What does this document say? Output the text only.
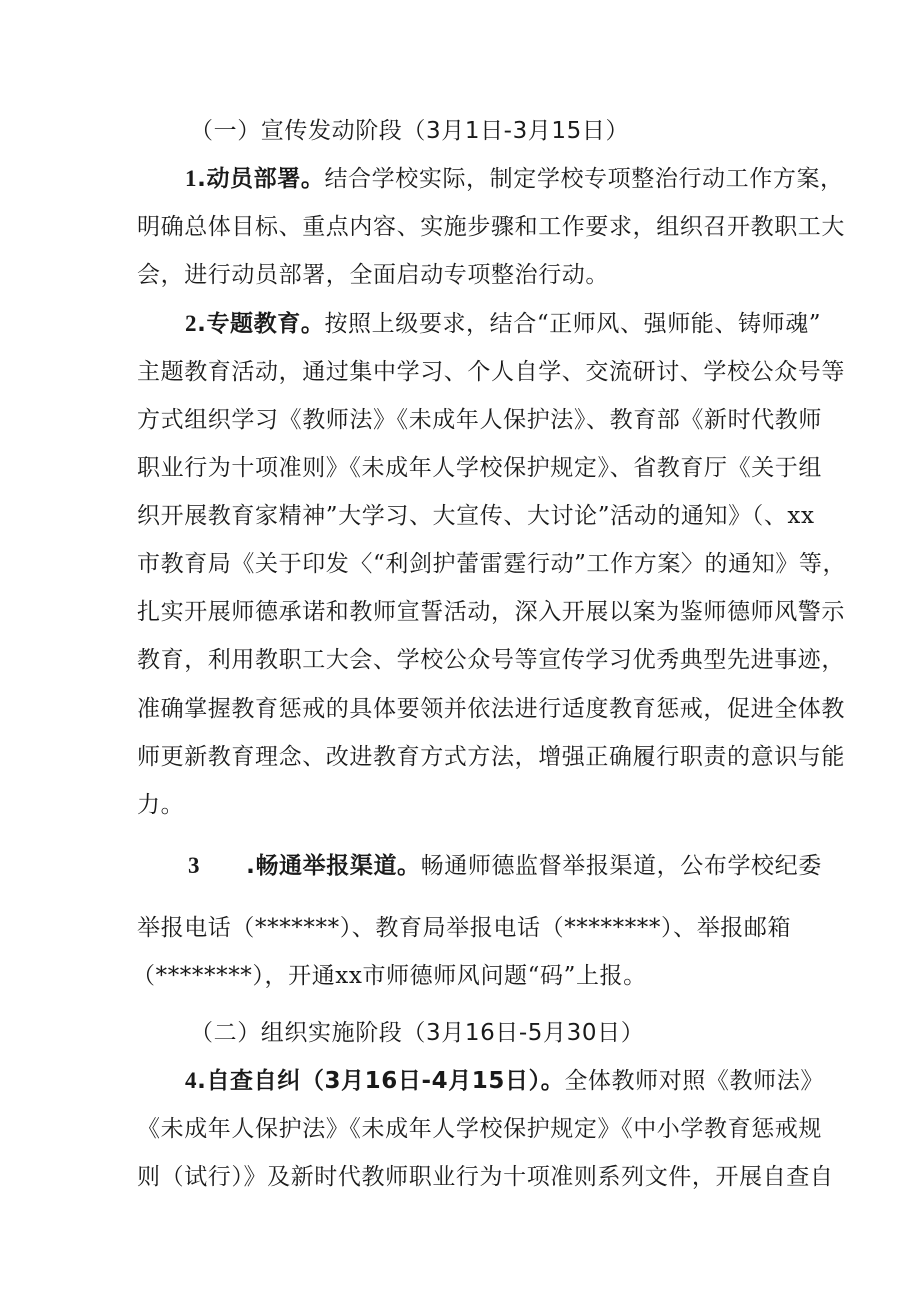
（一）宣传发动阶段（3月1日-3月15日）
1.动员部署。结合学校实际，制定学校专项整治行动工作方案，
明确总体目标、重点内容、实施步骤和工作要求，组织召开教职工大
会，进行动员部署，全面启动专项整治行动。
2.专题教育。按照上级要求，结合“正师风、强师能、铸师魂”
主题教育活动，通过集中学习、个人自学、交流研讨、学校公众号等
方式组织学习《教师法》《未成年人保护法》、教育部《新时代教师
职业行为十项准则》《未成年人学校保护规定》、省教育厅《关于组
织开展教育家精神”大学习、大宣传、大讨论”活动的通知》（、xx
市教育局《关于印发〈“利剑护蕾雷霆行动”工作方案〉的通知》等，
扎实开展师德承诺和教师宣誓活动，深入开展以案为鉴师德师风警示
教育，利用教职工大会、学校公众号等宣传学习优秀典型先进事迹，
准确掌握教育惩戒的具体要领并依法进行适度教育惩戒，促进全体教
师更新教育理念、改进教育方式方法，增强正确履行职责的意识与能
力。
3 .畅通举报渠道。畅通师德监督举报渠道，公布学校纪委
举报电话（*******）、教育局举报电话（********）、举报邮箱
（********），开通xx市师德师风问题“码”上报。
（二）组织实施阶段（3月16日-5月30日）
4.自查自纠（3月16日-4月15日）。全体教师对照《教师法》
《未成年人保护法》《未成年人学校保护规定》《中小学教育惩戒规
则（试行）》及新时代教师职业行为十项准则系列文件，开展自查自
